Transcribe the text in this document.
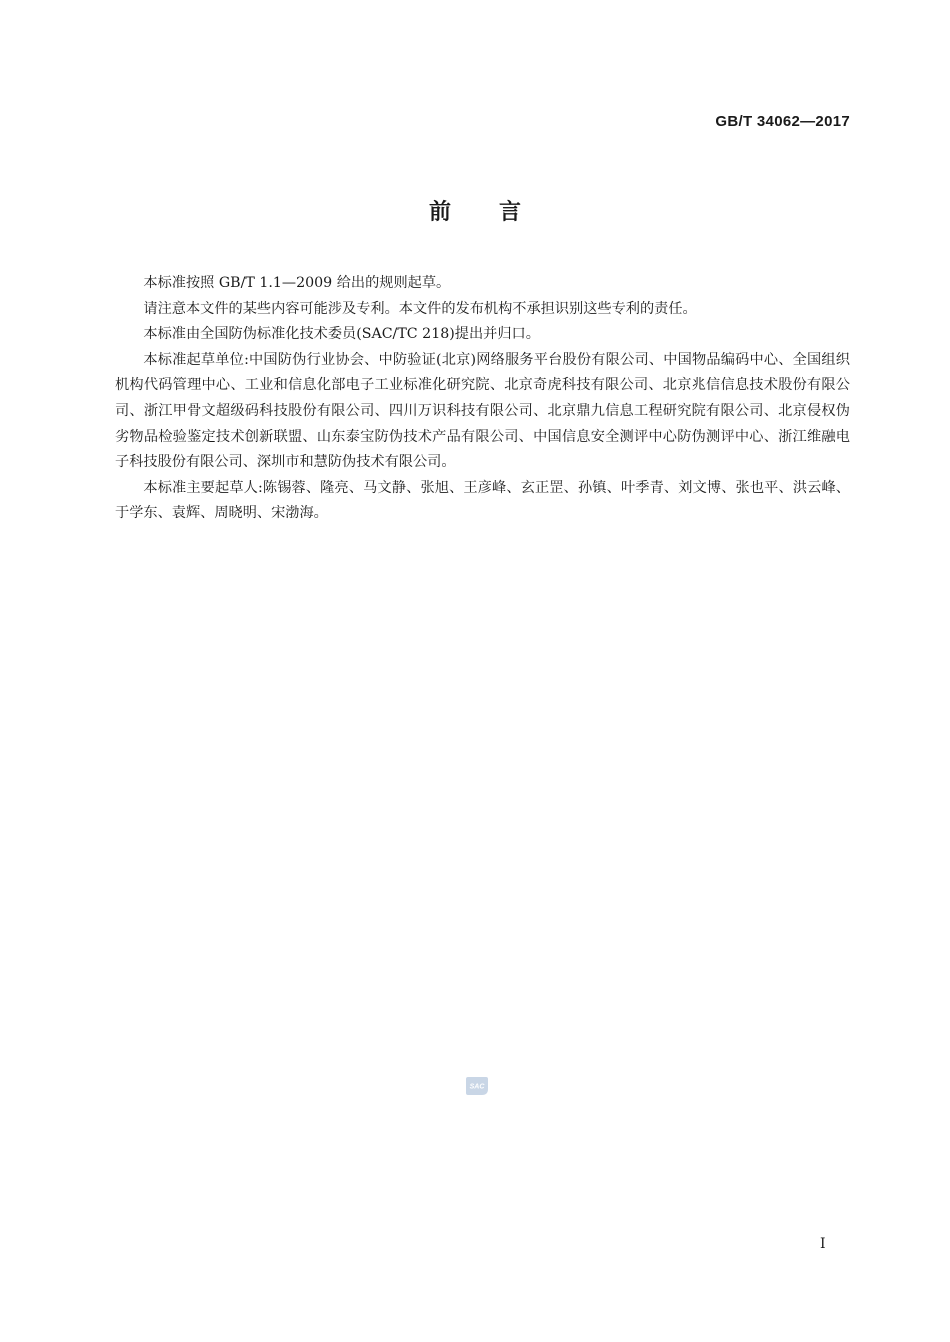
GB/T 34062—2017
前言

本标准按照 GB/T 1.1—2009 给出的规则起草。

请注意本文件的某些内容可能涉及专利。本文件的发布机构不承担识别这些专利的责任。

本标准由全国防伪标准化技术委员(SAC/TC 218)提出并归口。

本标准起草单位:中国防伪行业协会、中防验证(北京)网络服务平台股份有限公司、中国物品编码中心、全国组织机构代码管理中心、工业和信息化部电子工业标准化研究院、北京奇虎科技有限公司、北京兆信信息技术股份有限公司、浙江甲骨文超级码科技股份有限公司、四川万识科技有限公司、北京鼎九信息工程研究院有限公司、北京侵权伪劣物品检验鉴定技术创新联盟、山东泰宝防伪技术产品有限公司、中国信息安全测评中心防伪测评中心、浙江维融电子科技股份有限公司、深圳市和慧防伪技术有限公司。

本标准主要起草人:陈锡蓉、隆亮、马文静、张旭、王彦峰、玄正罡、孙镇、叶季青、刘文博、张也平、洪云峰、于学东、袁辉、周晓明、宋渤海。

SAC
I
